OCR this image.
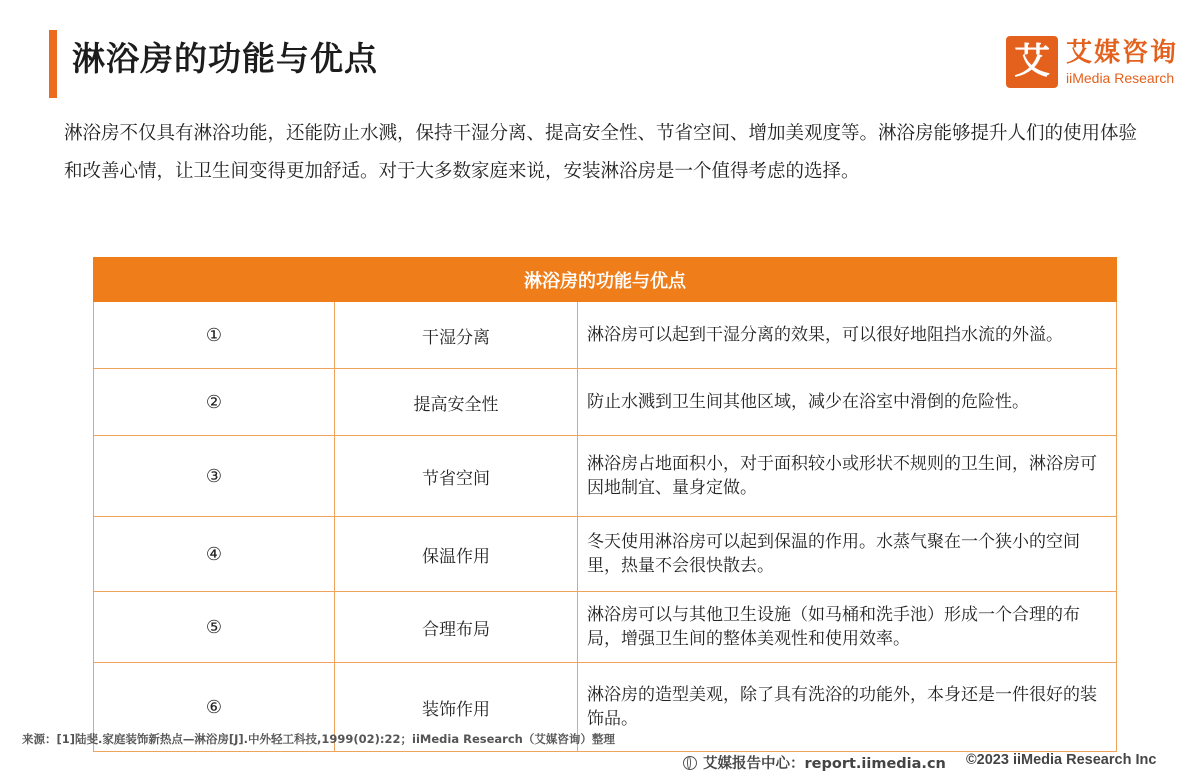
淋浴房的功能与优点	艾 艾媒咨询
iiMedia Research

淋浴房不仅具有淋浴功能，还能防止水溅，保持干湿分离、提高安全性、节省空间、增加美观度等。淋浴房能够提升人们的使用体验和改善心情，让卫生间变得更加舒适。对于大多数家庭来说，安装淋浴房是一个值得考虑的选择。

淋浴房的功能与优点		
①	干湿分离	淋浴房可以起到干湿分离的效果，可以很好地阻挡水流的外溢。
②	提高安全性	防止水溅到卫生间其他区域，减少在浴室中滑倒的危险性。
③	节省空间	淋浴房占地面积小，对于面积较小或形状不规则的卫生间，淋浴房可因地制宜、量身定做。
④	保温作用	冬天使用淋浴房可以起到保温的作用。水蒸气聚在一个狭小的空间里，热量不会很快散去。
⑤	合理布局	淋浴房可以与其他卫生设施（如马桶和洗手池）形成一个合理的布局，增强卫生间的整体美观性和使用效率。
⑥	装饰作用	淋浴房的造型美观，除了具有洗浴的功能外，本身还是一件很好的装饰品。
来源：[1]陆斐.家庭装饰新热点—淋浴房[J].中外轻工科技,1999(02):22；iiMedia Research（艾媒咨询）整理
艾媒报告中心：report.iimedia.cn ©2023 iiMedia Research Inc
